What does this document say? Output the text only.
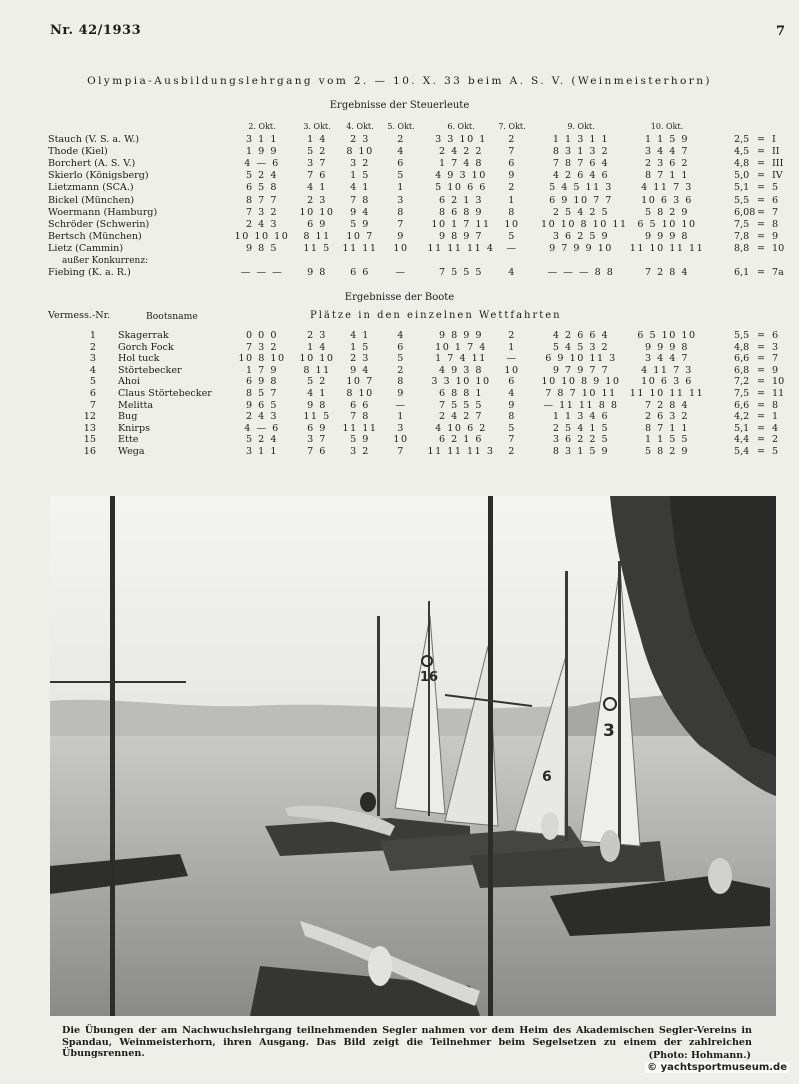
Nr. 42/1933	7
Olympia-Ausbildungslehrgang vom 2. — 10. X. 33 beim A. S. V. (Weinmeisterhorn)
Ergebnisse der Steuerleute
2. Okt.	3. Okt.	4. Okt.	5. Okt.	6. Okt.	7. Okt.	9. Okt.	10. Okt.
Stauch (V. S. a. W.)	3 1 1	1 4	2 3	2	3 3 10 1	2	1 1 3 1 1	1 1 5 9	2,5 = I
Thode (Kiel)	1 9 9	5 2	8 10	4	2 4 2 2	7	8 3 1 3 2	3 4 4 7	4,5 = II
Borchert (A. S. V.)	4 — 6	3 7	3 2	6	1 7 4 8	6	7 8 7 6 4	2 3 6 2	4,8 = III
Skierlo (Königsberg)	5 2 4	7 6	1 5	5	4 9 3 10	9	4 2 6 4 6	8 7 1 1	5,0 = IV
Lietzmann (SCA.)	6 5 8	4 1	4 1	1	5 10 6 6	2	5 4 5 11 3	4 11 7 3	5,1 = 5
Bickel (München)	8 7 7	2 3	7 8	3	6 2 1 3	1	6 9 10 7 7	10 6 3 6	5,5 = 6
Woermann (Hamburg)	7 3 2	10 10	9 4	8	8 6 8 9	8	2 5 4 2 5	5 8 2 9	6,08 = 7
Schröder (Schwerin)	2 4 3	6 9	5 9	7	10 1 7 11	10	10 10 8 10 11	6 5 10 10	7,5 = 8
Bertsch (München)	10 10 10	8 11	10 7	9	9 8 9 7	5	3 6 2 5 9	9 9 9 8	7,8 = 9
Lietz (Cammin)	9 8 5	11 5	11 11	10	11 11 11 4	—	9 7 9 9 10	11 10 11 11	8,8 = 10
außer Konkurrenz:
Fiebing (K. a. R.)	— — —	9 8	6 6	—	7 5 5 5	4	— — — 8 8	7 2 8 4	6,1 = 7a
Ergebnisse der Boote
Vermess.-Nr.	Bootsname	Plätze in den einzelnen Wettfahrten
1 Skagerrak	0 0 0	2 3	4 1	4	9 8 9 9	2	4 2 6 6 4	6 5 10 10	5,5 = 6
2 Gorch Fock	7 3 2	1 4	1 5	6	10 1 7 4	1	5 4 5 3 2	9 9 9 8	4,8 = 3
3 Hol tuck	10 8 10	10 10	2 3	5	1 7 4 11	—	6 9 10 11 3	3 4 4 7	6,6 = 7
4 Störtebecker	1 7 9	8 11	9 4	2	4 9 3 8	10	9 7 9 7 7	4 11 7 3	6,8 = 9
5 Ahoi	6 9 8	5 2	10 7	8	3 3 10 10	6	10 10 8 9 10	10 6 3 6	7,2 = 10
6 Claus Störtebecker	8 5 7	4 1	8 10	9	6 8 8 1	4	7 8 7 10 11	11 10 11 11	7,5 = 11
7 Melitta	9 6 5	9 8	6 6	—	7 5 5 5	9	— 11 11 8 8	7 2 8 4	6,6 = 8
12 Bug	2 4 3	11 5	7 8	1	2 4 2 7	8	1 1 3 4 6	2 6 3 2	4,2 = 1
13 Knirps	4 — 6	6 9	11 11	3	4 10 6 2	5	2 5 4 1 5	8 7 1 1	5,1 = 4
15 Ette	5 2 4	3 7	5 9	10	6 2 1 6	7	3 6 2 2 5	1 1 5 5	4,4 = 2
16 Wega	3 1 1	7 6	3 2	7	11 11 11 3	2	8 3 1 5 9	5 8 2 9	5,4 = 5
16
6
3
Die Übungen der am Nachwuchslehrgang teilnehmenden Segler nahmen vor dem Heim des Akademischen Segler-Vereins in Spandau, Weinmeisterhorn, ihren Ausgang. Das Bild zeigt die Teilnehmer beim Segelsetzen zu einem der zahlreichen Übungsrennen.	(Photo: Hohmann.)
© yachtsportmuseum.de
